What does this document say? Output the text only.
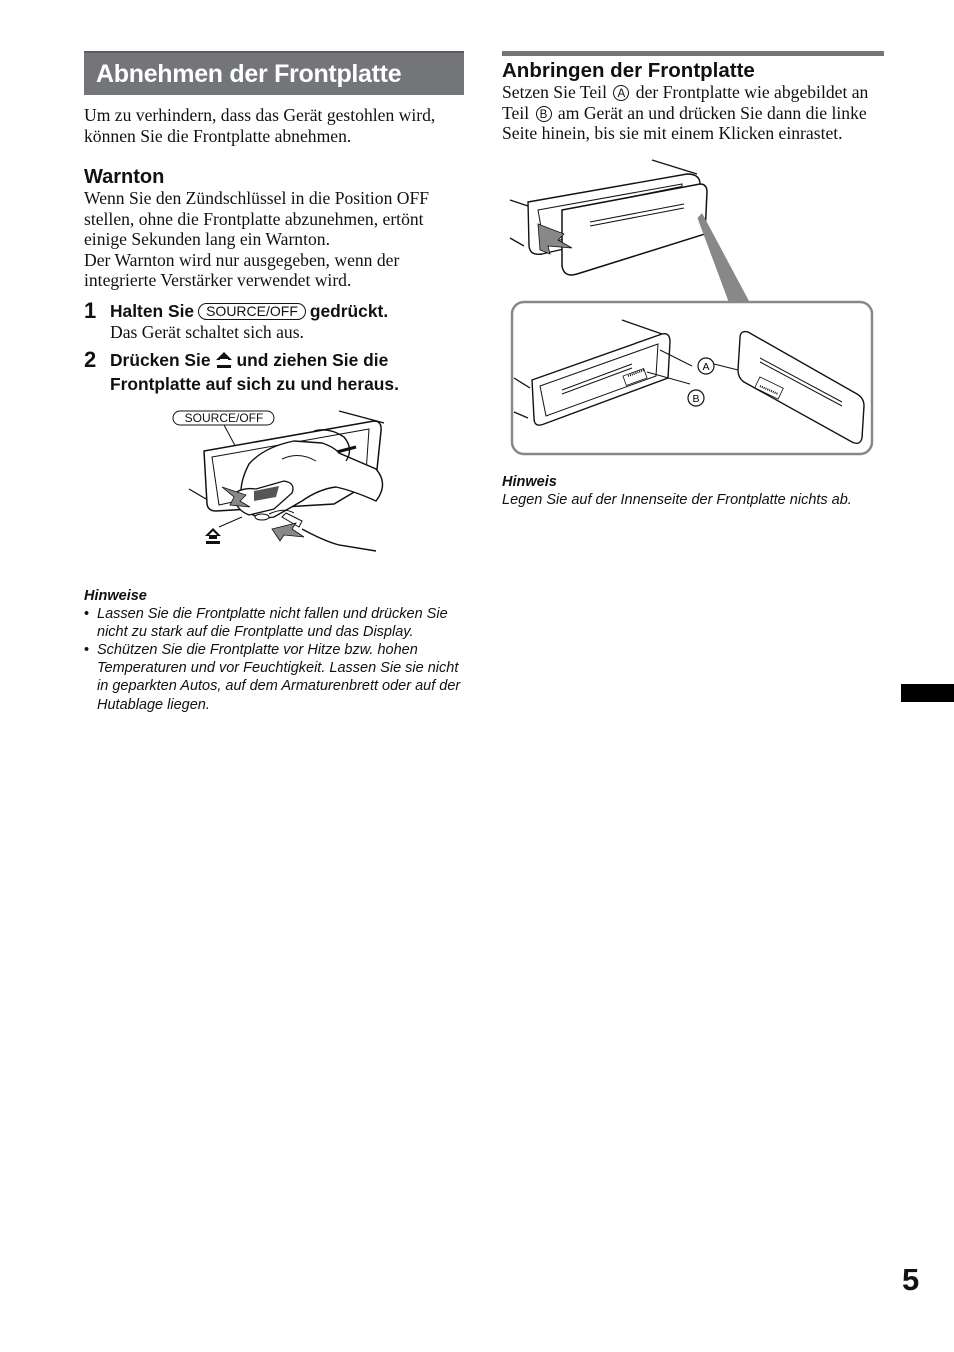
Abnehmen der Frontplatte

Um zu verhindern, dass das Gerät gestohlen wird, können Sie die Frontplatte abnehmen.

Warnton

Wenn Sie den Zündschlüssel in die Position OFF stellen, ohne die Frontplatte abzunehmen, ertönt einige Sekunden lang ein Warnton.

Der Warnton wird nur ausgegeben, wenn der integrierte Verstärker verwendet wird.

1 Halten Sie SOURCE/OFF gedrückt.
Das Gerät schaltet sich aus.
2 Drücken Sie und ziehen Sie die Frontplatte auf sich zu und heraus.
SOURCE/OFF

Hinweise

• Lassen Sie die Frontplatte nicht fallen und drücken Sie nicht zu stark auf die Frontplatte und das Display.
• Schützen Sie die Frontplatte vor Hitze bzw. hohen Temperaturen und vor Feuchtigkeit. Lassen Sie sie nicht in geparkten Autos, auf dem Armaturenbrett oder auf der Hutablage liegen.
Anbringen der Frontplatte

Setzen Sie Teil A der Frontplatte wie abgebildet an Teil B am Gerät an und drücken Sie dann die linke Seite hinein, bis sie mit einem Klicken einrastet.

A
B

Hinweis

Legen Sie auf der Innenseite der Frontplatte nichts ab.

5
